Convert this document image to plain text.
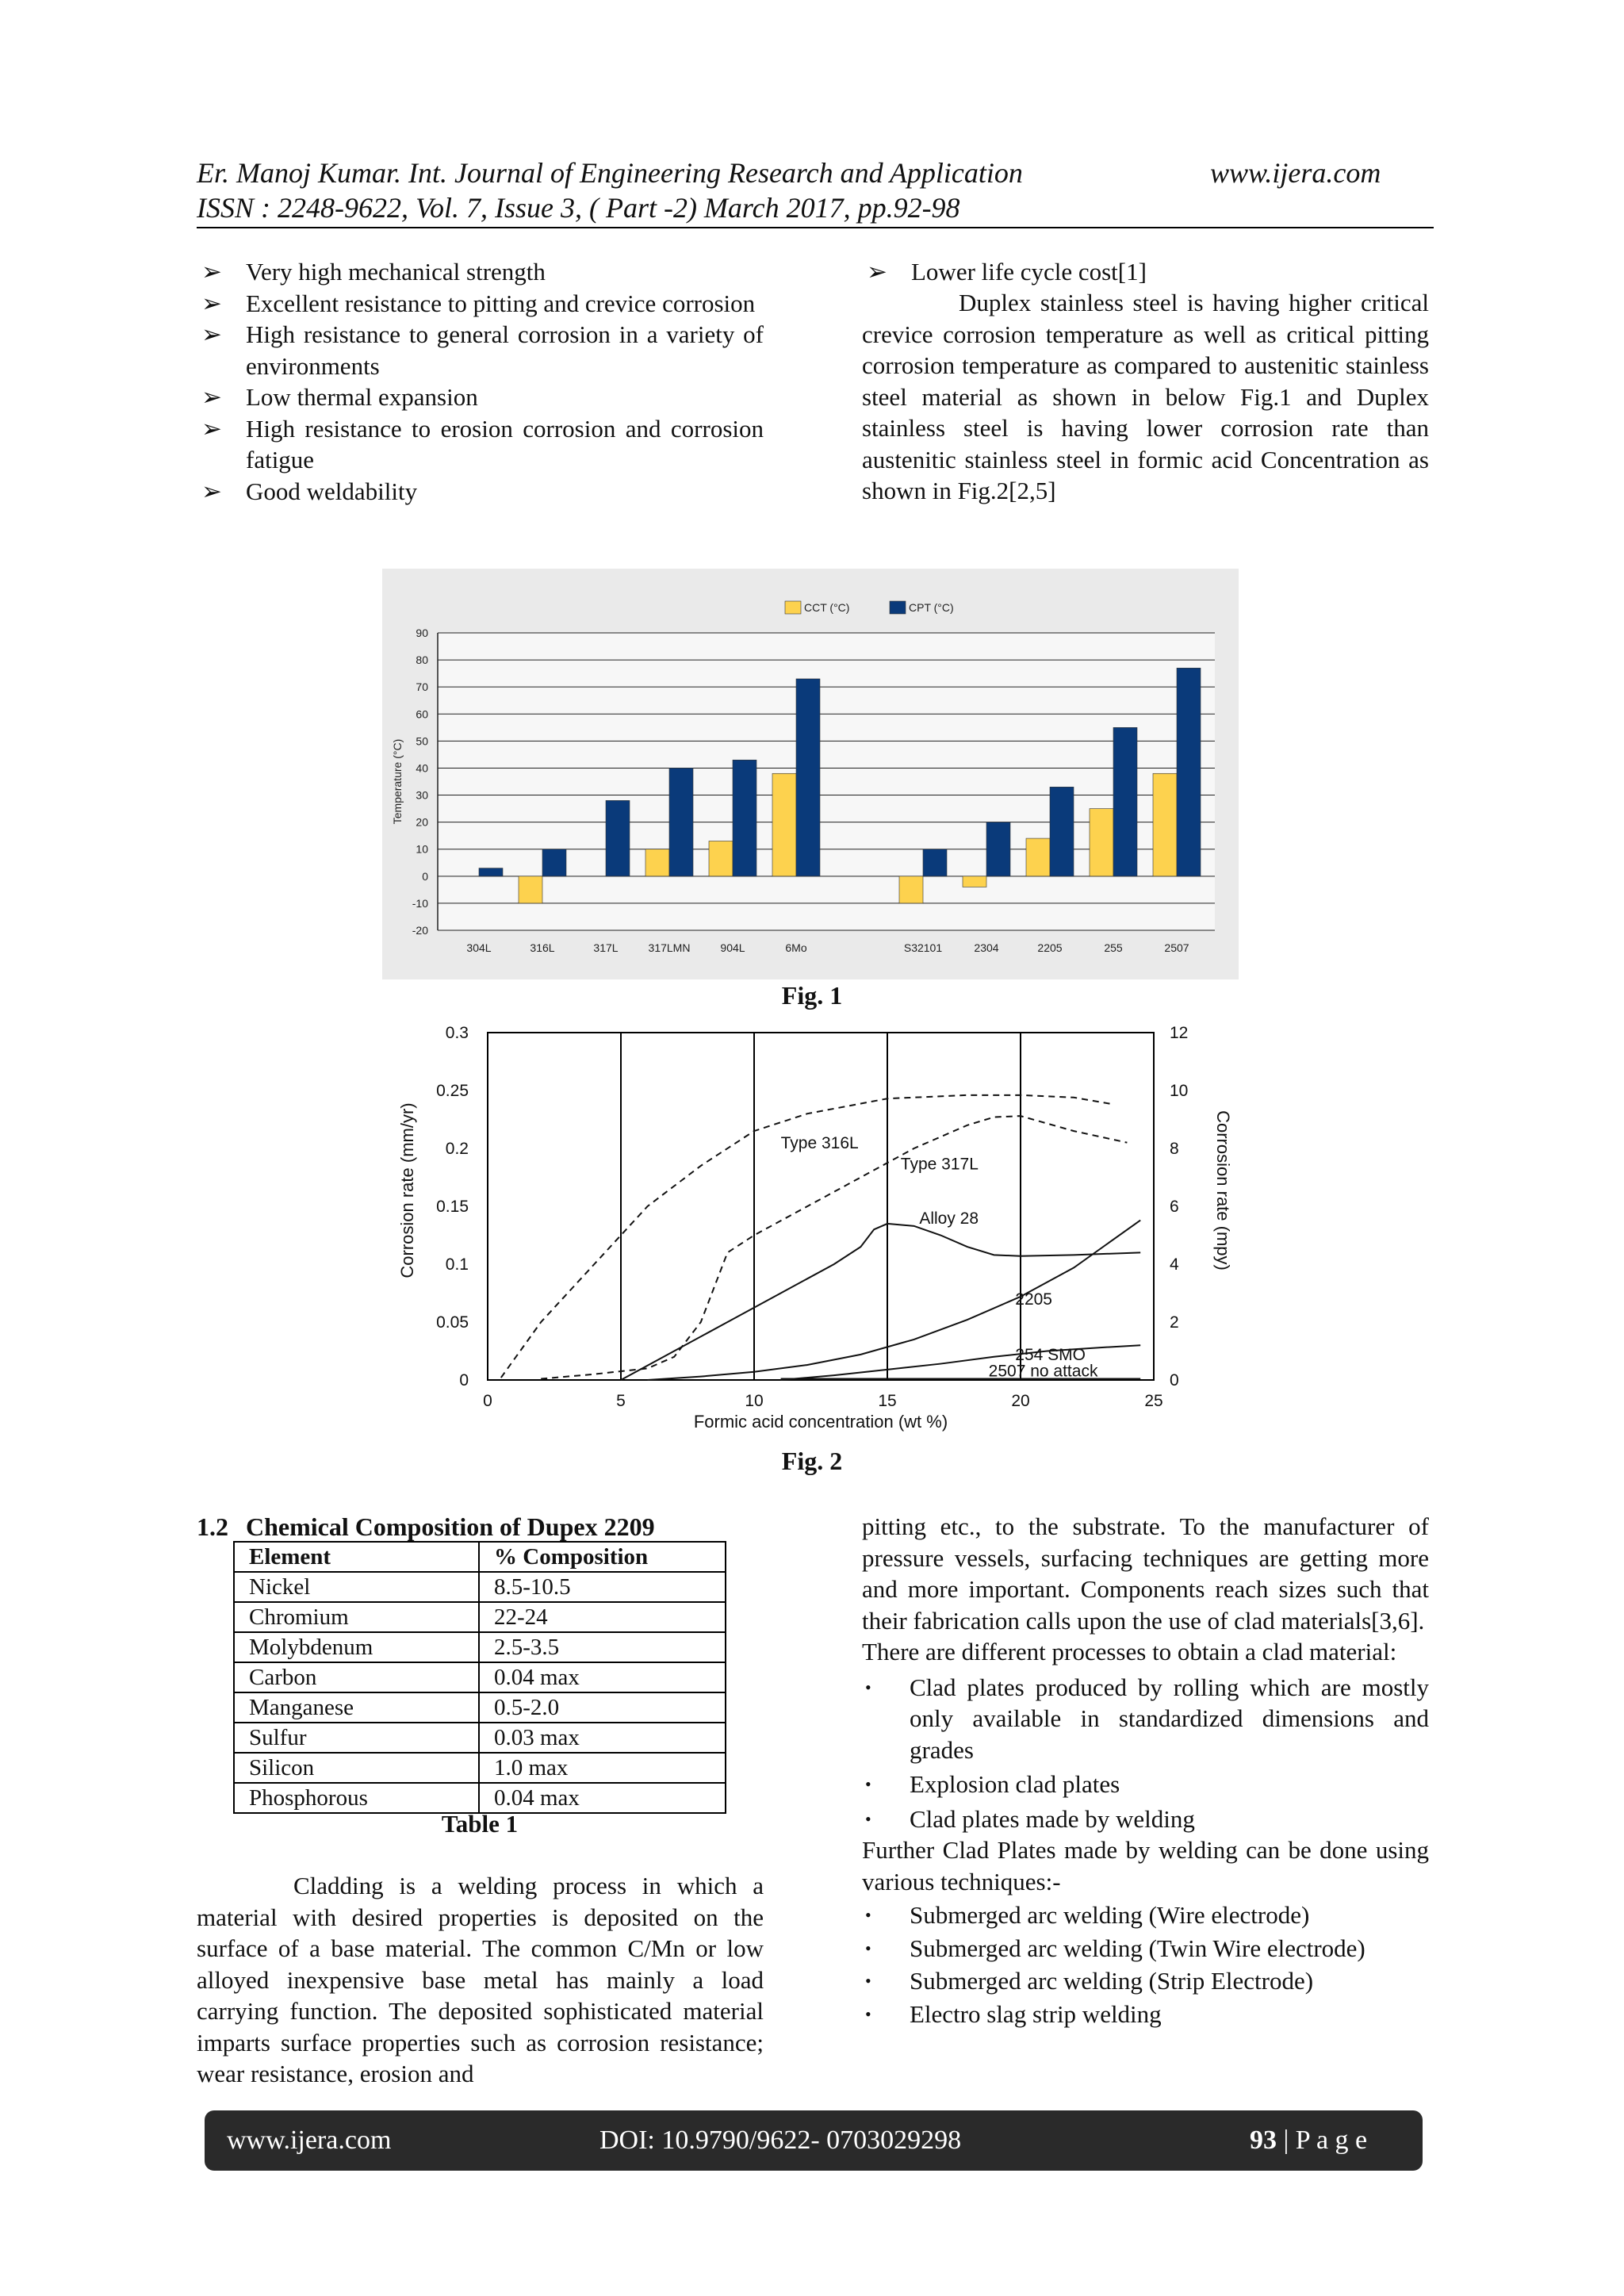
Er. Manoj Kumar. Int. Journal of Engineering Research and Application	www.ijera.com
ISSN : 2248-9622, Vol. 7, Issue 3, ( Part -2) March 2017, pp.92-98
➢ Very high mechanical strength
➢ Excellent resistance to pitting and crevice corrosion
➢ High resistance to general corrosion in a variety of environments
➢ Low thermal expansion
➢ High resistance to erosion corrosion and corrosion fatigue
➢ Good weldability
➢ Lower life cycle cost[1]
Duplex stainless steel is having higher critical crevice corrosion temperature as well as critical pitting corrosion temperature as compared to austenitic stainless steel material as shown in below Fig.1 and Duplex stainless steel is having lower corrosion rate than austenitic stainless steel in formic acid Concentration as shown in Fig.2[2,5]
90
80
70
60
50
40
30
20
10
0
-10
-20
Temperature (°C)
304L	316L	317L	317LMN	904L	6Mo	S32101	2304	2205	255	2507
CCT (°C)	CPT (°C)
Fig. 1
0	5	10	15	20	25
0.3
0.25
0.2
0.15
0.1
0.05
0
12
10
8
6
4
2
0
Formic acid concentration (wt %)
Corrosion rate (mm/yr)	Corrosion rate (mpy)
Type 316L
Type 317L
Alloy 28
2205
254 SMO
2507 no attack
Fig. 2
1.2 Chemical Composition of Dupex 2209
Element	% Composition
Nickel	8.5-10.5
Chromium	22-24
Molybdenum	2.5-3.5
Carbon	0.04 max
Manganese	0.5-2.0
Sulfur	0.03 max
Silicon	1.0 max
Phosphorous	0.04 max
Table 1
Cladding is a welding process in which a material with desired properties is deposited on the surface of a base material. The common C/Mn or low alloyed inexpensive base metal has mainly a load carrying function. The deposited sophisticated material imparts surface properties such as corrosion resistance; wear resistance, erosion and
pitting etc., to the substrate. To the manufacturer of pressure vessels, surfacing techniques are getting more and more important. Components reach sizes such that their fabrication calls upon the use of clad materials[3,6].
There are different processes to obtain a clad material:
• Clad plates produced by rolling which are mostly only available in standardized dimensions and grades
• Explosion clad plates
• Clad plates made by welding
Further Clad Plates made by welding can be done using various techniques:-
• Submerged arc welding (Wire electrode)
• Submerged arc welding (Twin Wire electrode)
• Submerged arc welding (Strip Electrode)
• Electro slag strip welding
www.ijera.com	DOI: 10.9790/9622- 0703029298	93 | P a g e
